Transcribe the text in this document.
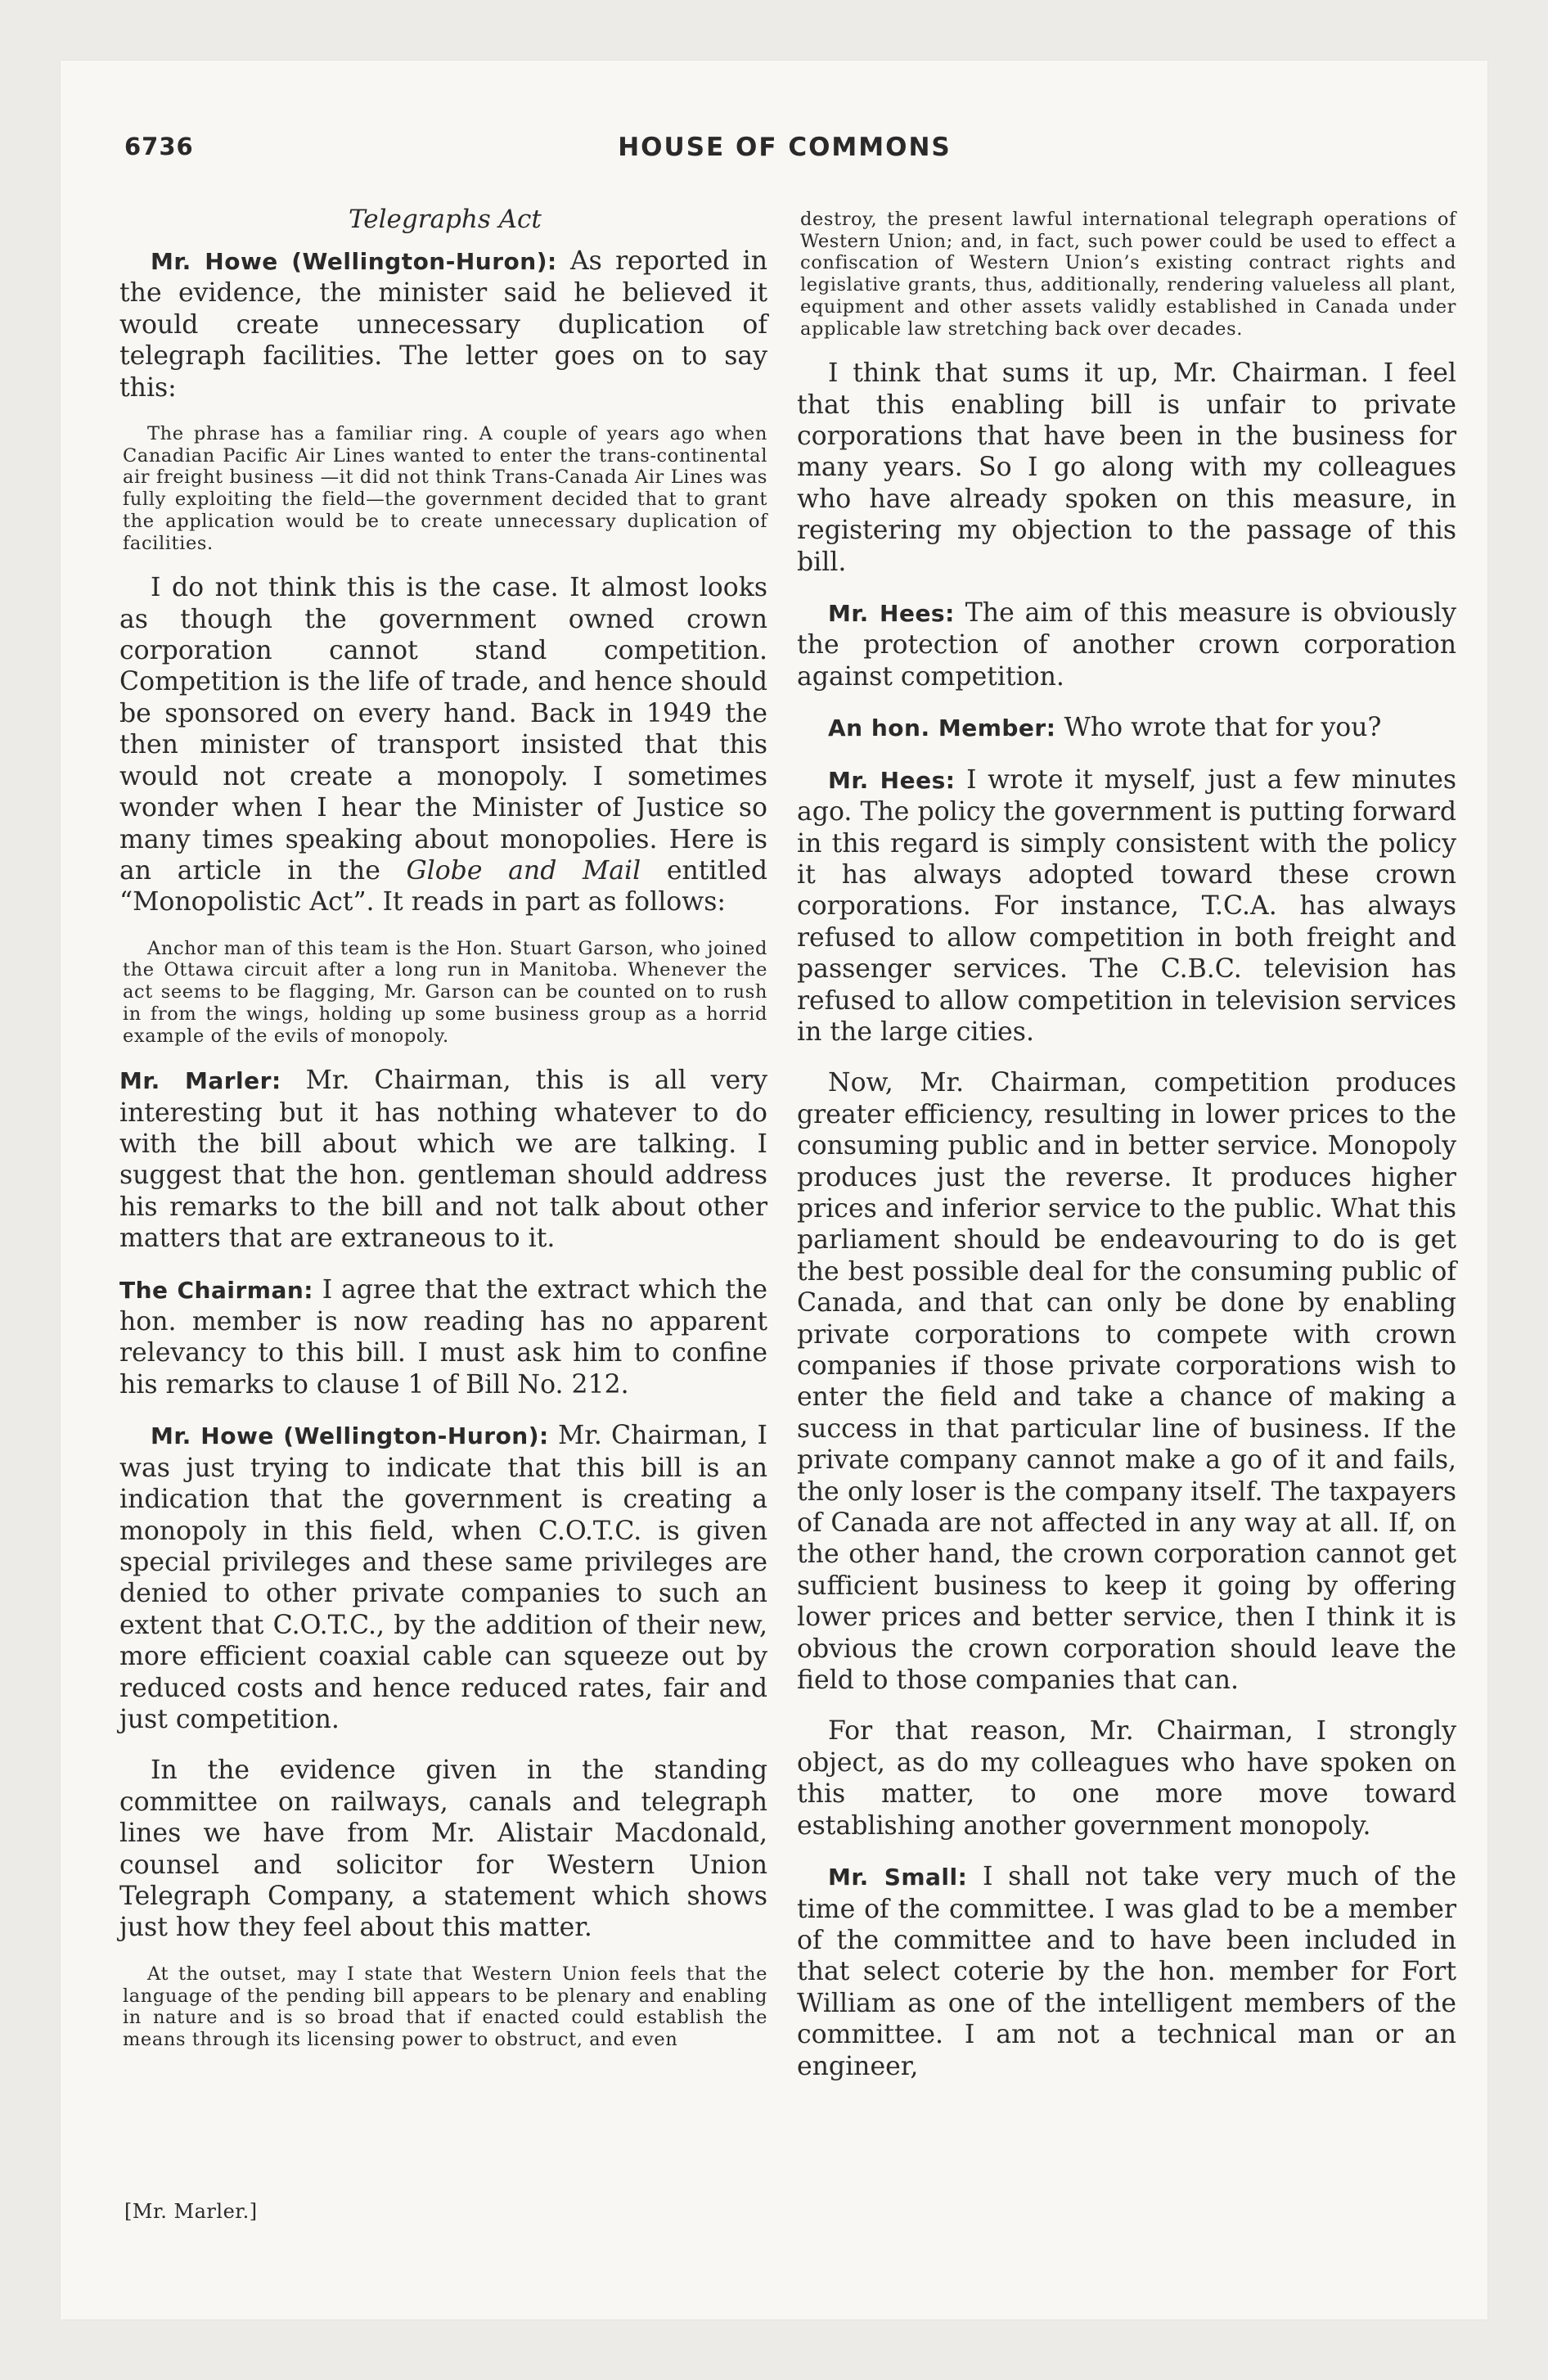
6736	HOUSE OF COMMONS
Telegraphs Act

Mr. Howe (Wellington-Huron): As reported in the evidence, the minister said he believed it would create unnecessary duplication of telegraph facilities. The letter goes on to say this:

The phrase has a familiar ring. A couple of years ago when Canadian Pacific Air Lines wanted to enter the trans-continental air freight business —it did not think Trans-Canada Air Lines was fully exploiting the field—the government decided that to grant the application would be to create unnecessary duplication of facilities.

I do not think this is the case. It almost looks as though the government owned crown corporation cannot stand competition. Competition is the life of trade, and hence should be sponsored on every hand. Back in 1949 the then minister of transport insisted that this would not create a monopoly. I sometimes wonder when I hear the Minister of Justice so many times speaking about monopolies. Here is an article in the Globe and Mail entitled “Monopolistic Act”. It reads in part as follows:

Anchor man of this team is the Hon. Stuart Garson, who joined the Ottawa circuit after a long run in Manitoba. Whenever the act seems to be flagging, Mr. Garson can be counted on to rush in from the wings, holding up some business group as a horrid example of the evils of monopoly.

Mr. Marler: Mr. Chairman, this is all very interesting but it has nothing whatever to do with the bill about which we are talking. I suggest that the hon. gentleman should address his remarks to the bill and not talk about other matters that are extraneous to it.

The Chairman: I agree that the extract which the hon. member is now reading has no apparent relevancy to this bill. I must ask him to confine his remarks to clause 1 of Bill No. 212.

Mr. Howe (Wellington-Huron): Mr. Chairman, I was just trying to indicate that this bill is an indication that the government is creating a monopoly in this field, when C.O.T.C. is given special privileges and these same privileges are denied to other private companies to such an extent that C.O.T.C., by the addition of their new, more efficient coaxial cable can squeeze out by reduced costs and hence reduced rates, fair and just competition.

In the evidence given in the standing committee on railways, canals and telegraph lines we have from Mr. Alistair Macdonald, counsel and solicitor for Western Union Telegraph Company, a statement which shows just how they feel about this matter.

At the outset, may I state that Western Union feels that the language of the pending bill appears to be plenary and enabling in nature and is so broad that if enacted could establish the means through its licensing power to obstruct, and even

destroy, the present lawful international telegraph operations of Western Union; and, in fact, such power could be used to effect a confiscation of Western Union’s existing contract rights and legislative grants, thus, additionally, rendering valueless all plant, equipment and other assets validly established in Canada under applicable law stretching back over decades.

I think that sums it up, Mr. Chairman. I feel that this enabling bill is unfair to private corporations that have been in the business for many years. So I go along with my colleagues who have already spoken on this measure, in registering my objection to the passage of this bill.

Mr. Hees: The aim of this measure is obviously the protection of another crown corporation against competition.

An hon. Member: Who wrote that for you?

Mr. Hees: I wrote it myself, just a few minutes ago. The policy the government is putting forward in this regard is simply consistent with the policy it has always adopted toward these crown corporations. For instance, T.C.A. has always refused to allow competition in both freight and passenger services. The C.B.C. television has refused to allow competition in television services in the large cities.

Now, Mr. Chairman, competition produces greater efficiency, resulting in lower prices to the consuming public and in better service. Monopoly produces just the reverse. It produces higher prices and inferior service to the public. What this parliament should be endeavouring to do is get the best possible deal for the consuming public of Canada, and that can only be done by enabling private corporations to compete with crown companies if those private corporations wish to enter the field and take a chance of making a success in that particular line of business. If the private company cannot make a go of it and fails, the only loser is the company itself. The taxpayers of Canada are not affected in any way at all. If, on the other hand, the crown corporation cannot get sufficient business to keep it going by offering lower prices and better service, then I think it is obvious the crown corporation should leave the field to those companies that can.

For that reason, Mr. Chairman, I strongly object, as do my colleagues who have spoken on this matter, to one more move toward establishing another government monopoly.

Mr. Small: I shall not take very much of the time of the committee. I was glad to be a member of the committee and to have been included in that select coterie by the hon. member for Fort William as one of the intelligent members of the committee. I am not a technical man or an engineer,

[Mr. Marler.]
